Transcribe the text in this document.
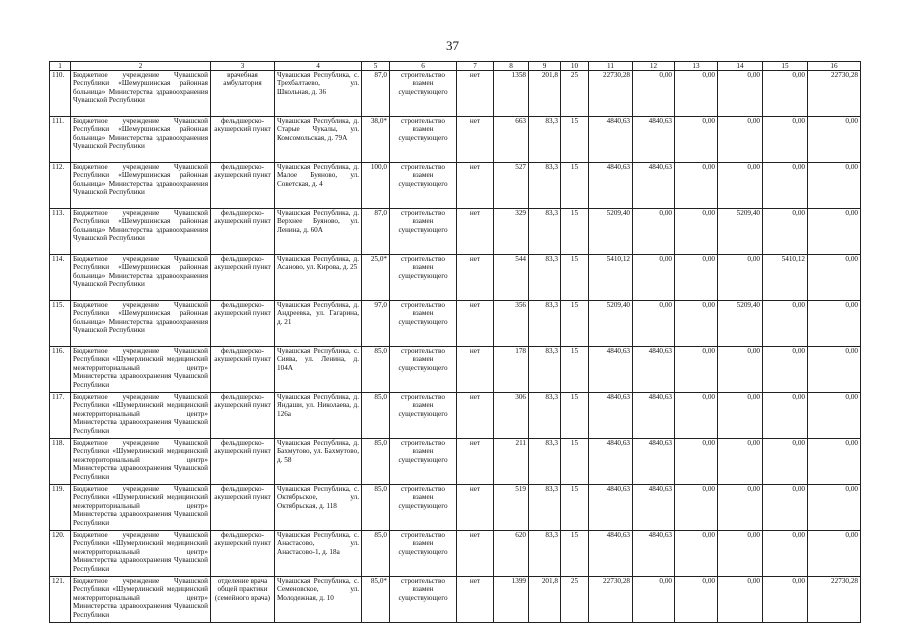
37
1	2	3	4	5	6	7	8	9	10	11	12	13	14	15	16
110.	Бюджетное учреждение Чувашской Республики «Шемуршинская районная больница» Министерства здравоохранения Чувашской Республики	врачебная амбулатория	Чувашская Республика, с. Трехбалтаево, ул. Школьная, д. 36	87,0	строительство взамен существующего	нет	1358	201,8	25	22730,28	0,00	0,00	0,00	0,00	22730,28
111.	Бюджетное учреждение Чувашской Республики «Шемуршинская районная больница» Министерства здравоохранения Чувашской Республики	фельдшерско-акушерский пункт	Чувашская Республика, д. Старые Чукалы, ул. Комсомольская, д. 79А	38,0*	строительство взамен существующего	нет	663	83,3	15	4840,63	4840,63	0,00	0,00	0,00	0,00
112.	Бюджетное учреждение Чувашской Республики «Шемуршинская районная больница» Министерства здравоохранения Чувашской Республики	фельдшерско-акушерский пункт	Чувашская Республика, д. Малое Буяново, ул. Советская, д. 4	100,0	строительство взамен существующего	нет	527	83,3	15	4840,63	4840,63	0,00	0,00	0,00	0,00
113.	Бюджетное учреждение Чувашской Республики «Шемуршинская районная больница» Министерства здравоохранения Чувашской Республики	фельдшерско-акушерский пункт	Чувашская Республика, д. Верхнее Буяново, ул. Ленина, д. 60А	87,0	строительство взамен существующего	нет	329	83,3	15	5209,40	0,00	0,00	5209,40	0,00	0,00
114.	Бюджетное учреждение Чувашской Республики «Шемуршинская районная больница» Министерства здравоохранения Чувашской Республики	фельдшерско-акушерский пункт	Чувашская Республика, д. Асаново, ул. Кирова, д. 25	25,0*	строительство взамен существующего	нет	544	83,3	15	5410,12	0,00	0,00	0,00	5410,12	0,00
115.	Бюджетное учреждение Чувашской Республики «Шемуршинская районная больница» Министерства здравоохранения Чувашской Республики	фельдшерско-акушерский пункт	Чувашская Республика, д. Андреевка, ул. Гагарина, д. 21	97,0	строительство взамен существующего	нет	356	83,3	15	5209,40	0,00	0,00	5209,40	0,00	0,00
116.	Бюджетное учреждение Чувашской Республики «Шумерлинский медицинский межтерриториальный центр» Министерства здравоохранения Чувашской Республики	фельдшерско-акушерский пункт	Чувашская Республика, с. Сиява, ул. Ленина, д. 104А	85,0	строительство взамен существующего	нет	178	83,3	15	4840,63	4840,63	0,00	0,00	0,00	0,00
117.	Бюджетное учреждение Чувашской Республики «Шумерлинский медицинский межтерриториальный центр» Министерства здравоохранения Чувашской Республики	фельдшерско-акушерский пункт	Чувашская Республика, д. Яндаши, ул. Николаева, д. 126а	85,0	строительство взамен существующего	нет	306	83,3	15	4840,63	4840,63	0,00	0,00	0,00	0,00
118.	Бюджетное учреждение Чувашской Республики «Шумерлинский медицинский межтерриториальный центр» Министерства здравоохранения Чувашской Республики	фельдшерско-акушерский пункт	Чувашская Республика, д. Бахмутово, ул. Бахмутово, д. 58	85,0	строительство взамен существующего	нет	211	83,3	15	4840,63	4840,63	0,00	0,00	0,00	0,00
119.	Бюджетное учреждение Чувашской Республики «Шумерлинский медицинский межтерриториальный центр» Министерства здравоохранения Чувашской Республики	фельдшерско-акушерский пункт	Чувашская Республика, с. Октябрьское, ул. Октябрьская, д. 118	85,0	строительство взамен существующего	нет	519	83,3	15	4840,63	4840,63	0,00	0,00	0,00	0,00
120.	Бюджетное учреждение Чувашской Республики «Шумерлинский медицинский межтерриториальный центр» Министерства здравоохранения Чувашской Республики	фельдшерско-акушерский пункт	Чувашская Республика, с. Анастасово, ул. Анастасово-1, д. 18а	85,0	строительство взамен существующего	нет	620	83,3	15	4840,63	4840,63	0,00	0,00	0,00	0,00
121.	Бюджетное учреждение Чувашской Республики «Шумерлинский медицинский межтерриториальный центр» Министерства здравоохранения Чувашской Республики	отделение врача общей практики (семейного врача)	Чувашская Республика, с. Семеновское, ул. Молодежная, д. 10	85,0*	строительство взамен существующего	нет	1399	201,8	25	22730,28	0,00	0,00	0,00	0,00	22730,28
